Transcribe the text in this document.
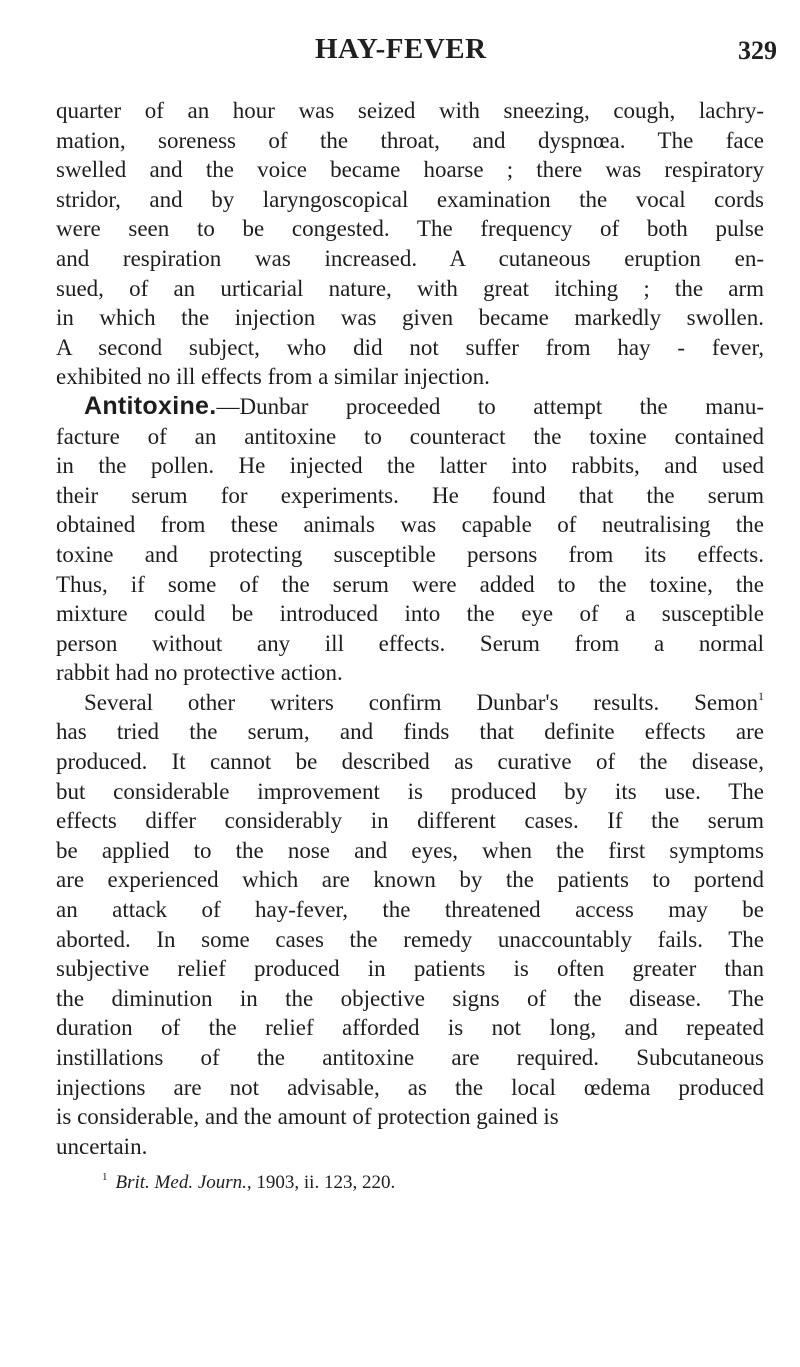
HAY-FEVER	329
quarter of an hour was seized with sneezing, cough, lachry-
mation, soreness of the throat, and dyspnœa. The face
swelled and the voice became hoarse ; there was respiratory
stridor, and by laryngoscopical examination the vocal cords
were seen to be congested. The frequency of both pulse
and respiration was increased. A cutaneous eruption en-
sued, of an urticarial nature, with great itching ; the arm
in which the injection was given became markedly swollen.
A second subject, who did not suffer from hay - fever,
exhibited no ill effects from a similar injection.
Antitoxine.—Dunbar proceeded to attempt the manu-
facture of an antitoxine to counteract the toxine contained
in the pollen. He injected the latter into rabbits, and used
their serum for experiments. He found that the serum
obtained from these animals was capable of neutralising the
toxine and protecting susceptible persons from its effects.
Thus, if some of the serum were added to the toxine, the
mixture could be introduced into the eye of a susceptible
person without any ill effects. Serum from a normal
rabbit had no protective action.
Several other writers confirm Dunbar's results. Semon$^1$
has tried the serum, and finds that definite effects are
produced. It cannot be described as curative of the disease,
but considerable improvement is produced by its use. The
effects differ considerably in different cases. If the serum
be applied to the nose and eyes, when the first symptoms
are experienced which are known by the patients to portend
an attack of hay-fever, the threatened access may be
aborted. In some cases the remedy unaccountably fails. The
subjective relief produced in patients is often greater than
the diminution in the objective signs of the disease. The
duration of the relief afforded is not long, and repeated
instillations of the antitoxine are required. Subcutaneous
injections are not advisable, as the local œdema produced
is considerable, and the amount of protection gained is
uncertain.
$^1$ Brit. Med. Journ., 1903, ii. 123, 220.
